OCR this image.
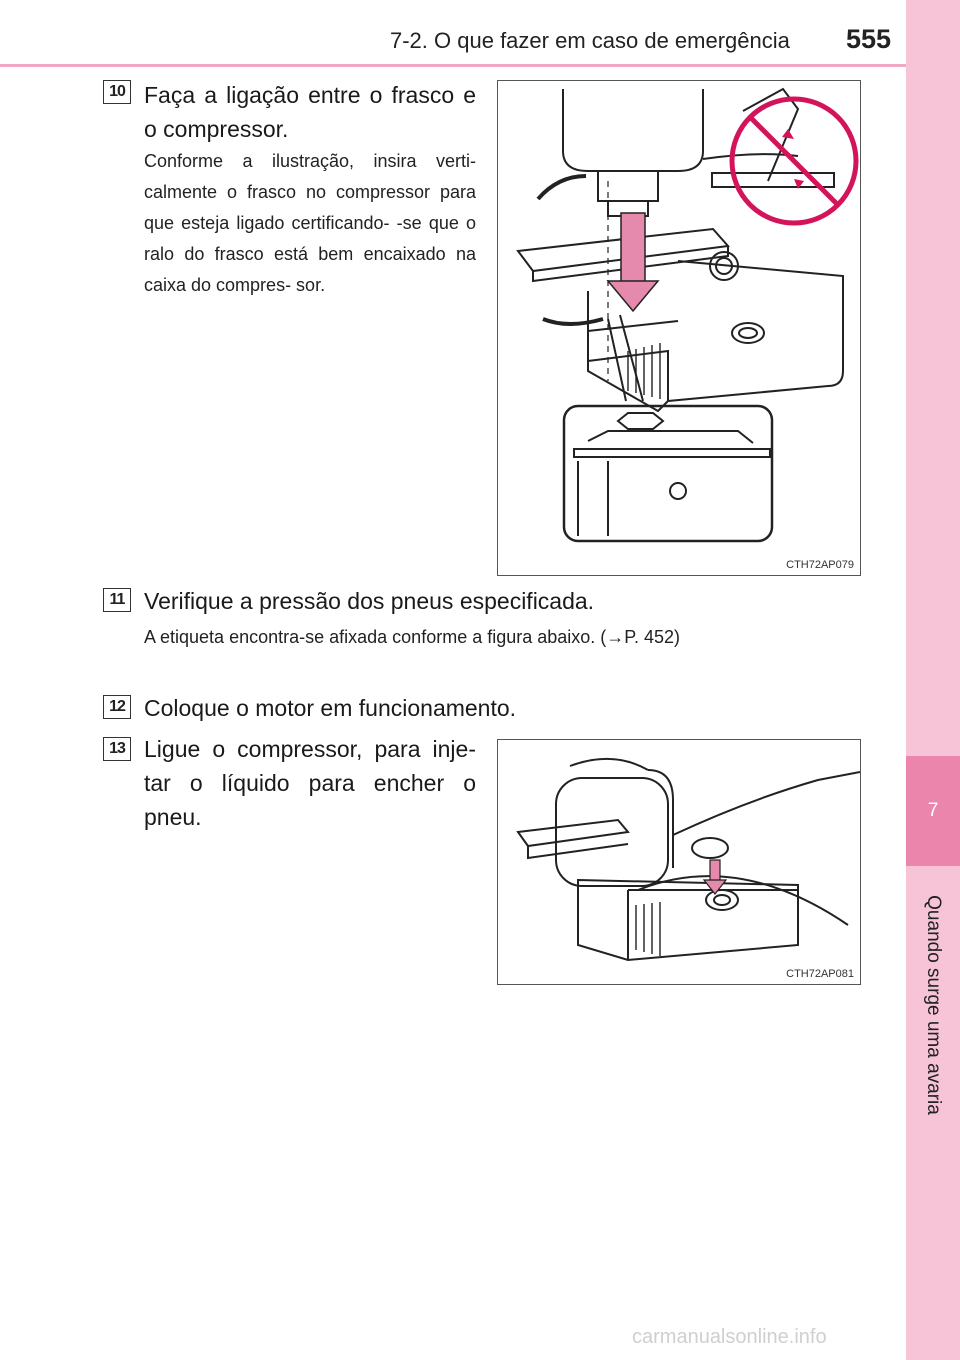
7-2. O que fazer em caso de emergência 555
7
Quando surge uma avaria
10 Faça a ligação entre o frasco e o compressor.
Conforme a ilustração, insira verti- calmente o frasco no compressor para que esteja ligado certificando- -se que o ralo do frasco está bem encaixado na caixa do compres- sor.
CTH72AP079
11 Verifique a pressão dos pneus especificada.
A etiqueta encontra-se afixada conforme a figura abaixo. (→P. 452)
12 Coloque o motor em funcionamento.
13 Ligue o compressor, para inje- tar o líquido para encher o pneu.
CTH72AP081
carmanualsonline.info
